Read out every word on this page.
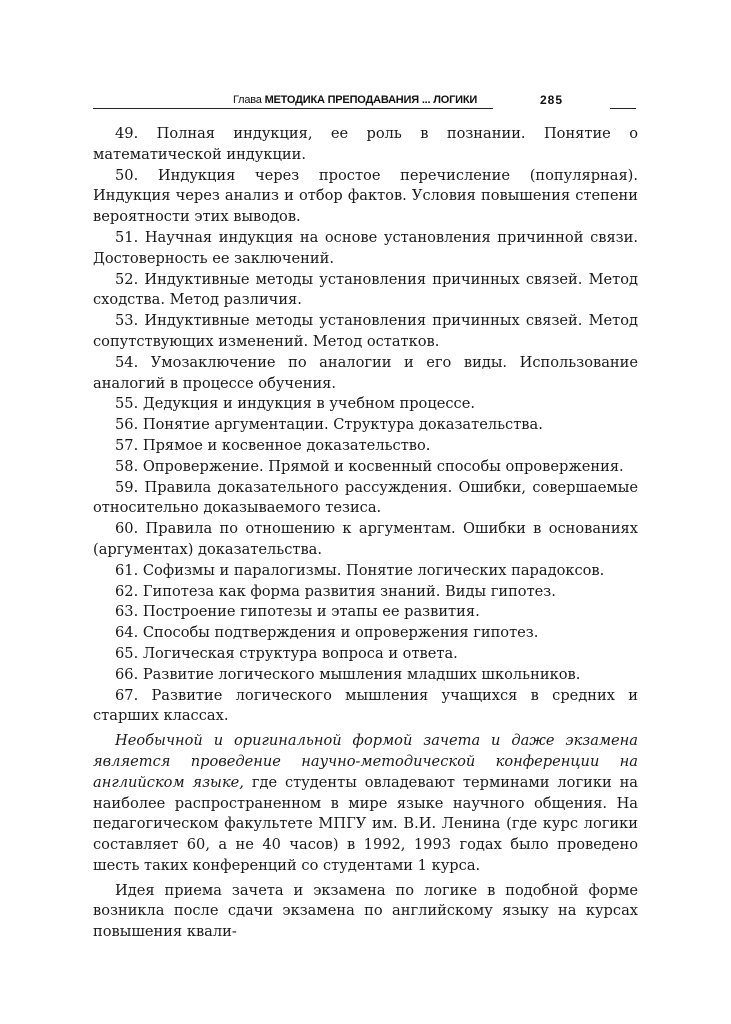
Глава МЕТОДИКА ПРЕПОДАВАНИЯ ... ЛОГИКИ	285

49. Полная индукция, ее роль в познании. Понятие о математической индукции.

50. Индукция через простое перечисление (популярная). Индукция через анализ и отбор фактов. Условия повышения степени вероятности этих выводов.

51. Научная индукция на основе установления причинной связи. Достоверность ее заключений.

52. Индуктивные методы установления причинных связей. Метод сходства. Метод различия.

53. Индуктивные методы установления причинных связей. Метод сопутствующих изменений. Метод остатков.

54. Умозаключение по аналогии и его виды. Использование аналогий в процессе обучения.

55. Дедукция и индукция в учебном процессе.

56. Понятие аргументации. Структура доказательства.

57. Прямое и косвенное доказательство.

58. Опровержение. Прямой и косвенный способы опровержения.

59. Правила доказательного рассуждения. Ошибки, совершаемые относительно доказываемого тезиса.

60. Правила по отношению к аргументам. Ошибки в основаниях (аргументах) доказательства.

61. Софизмы и паралогизмы. Понятие логических парадоксов.

62. Гипотеза как форма развития знаний. Виды гипотез.

63. Построение гипотезы и этапы ее развития.

64. Способы подтверждения и опровержения гипотез.

65. Логическая структура вопроса и ответа.

66. Развитие логического мышления младших школьников.

67. Развитие логического мышления учащихся в средних и старших классах.

Необычной и оригинальной формой зачета и даже экзамена является проведение научно-методической конференции на английском языке, где студенты овладевают терминами логики на наиболее распространенном в мире языке научного общения. На педагогическом факультете МПГУ им. В.И. Ленина (где курс логики составляет 60, а не 40 часов) в 1992, 1993 годах было проведено шесть таких конференций со студентами 1 курса.

Идея приема зачета и экзамена по логике в подобной форме возникла после сдачи экзамена по английскому языку на курсах повышения квали-
